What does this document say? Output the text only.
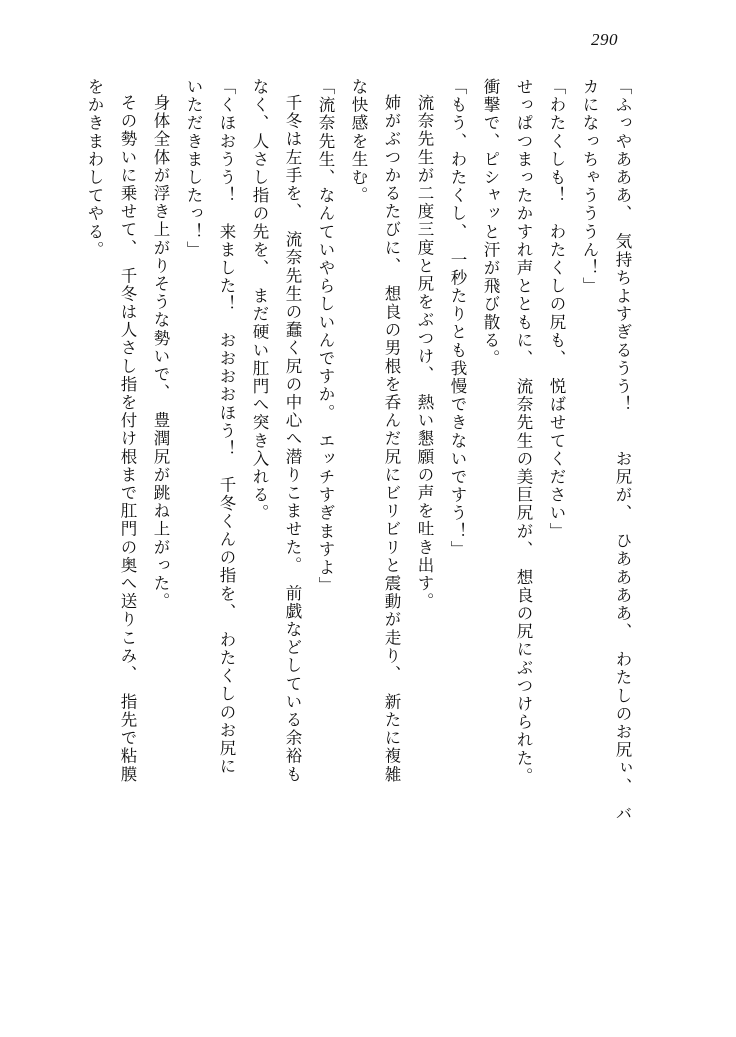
290
「ふっやあああ、　気持ちよすぎるうう！　　お尻が、　ひああああ、　わたしのお尻ぃ、　バ
カになっちゃうううん！」
「わたくしも！　わたくしの尻も、　悦ばせてください」
せっぱつまったかすれ声とともに、　流奈先生の美巨尻が、　想良の尻にぶつけられた。
衝撃で、ピシャッと汗が飛び散る。
「もう、わたくし、　一秒たりとも我慢できないですう！」
流奈先生が二度三度と尻をぶつけ、　熱い懇願の声を吐き出す。
姉がぶつかるたびに、　想良の男根を呑んだ尻にビリビリと震動が走り、　新たに複雑
な快感を生む。
「流奈先生、なんていやらしいんですか。　エッチすぎますよ」
千冬は左手を、　流奈先生の蠢く尻の中心へ潜りこませた。　前戯などしている余裕も
なく、人さし指の先を、　まだ硬い肛門へ突き入れる。
「くほおうう！　来ました！　おおおおほう！　千冬くんの指を、　わたくしのお尻に
いただきましたっ！」
身体全体が浮き上がりそうな勢いで、　豊潤尻が跳ね上がった。
その勢いに乗せて、　千冬は人さし指を付け根まで肛門の奥へ送りこみ、　指先で粘膜
をかきまわしてやる。
